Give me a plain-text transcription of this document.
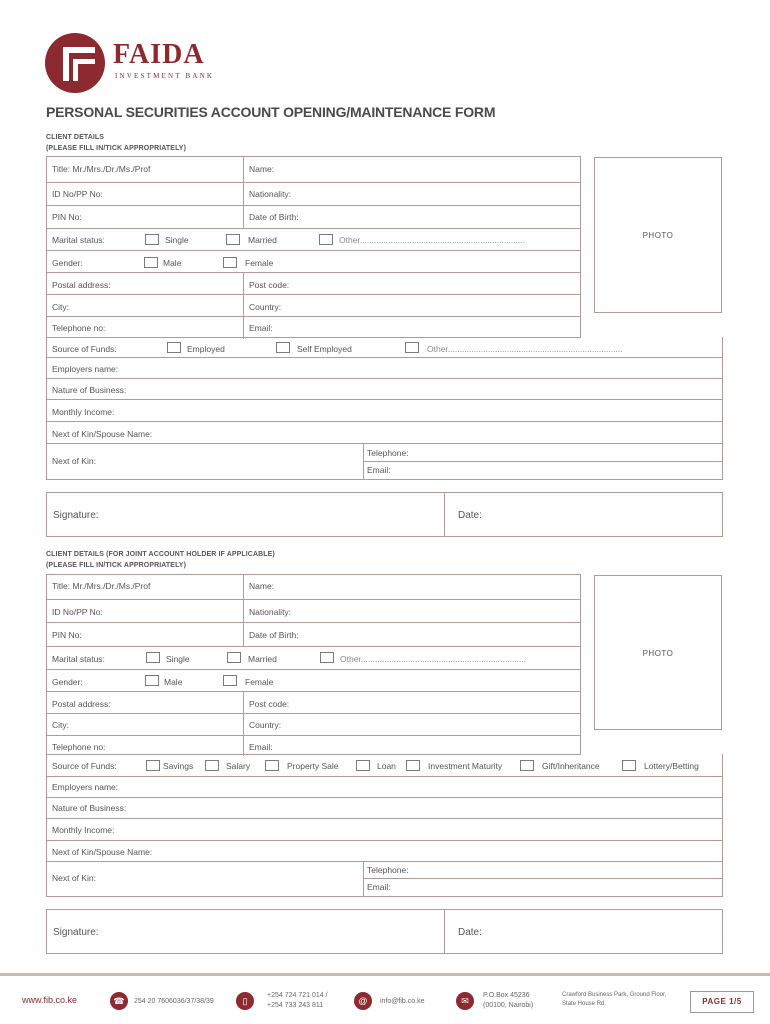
FAIDA
INVESTMENT BANK
PERSONAL SECURITIES ACCOUNT OPENING/MAINTENANCE FORM
CLIENT DETAILS
(PLEASE FILL IN/TICK APPROPRIATELY)
Title: Mr./Mrs./Dr./Ms./Prof	Name:
ID No/PP No:	Nationality:
PIN No:	Date of Birth:
Marital status:	Single	Married	Other......................................................................
Gender:	Male	Female
Postal address:	Post code:
City:	Country:
Telephone no:	Email:
PHOTO
Source of Funds:	Employed	Self Employed	Other..........................................................................
Employers name:
Nature of Business:
Monthly Income:
Next of Kin/Spouse Name:
Next of Kin:
Telephone:
Email:
Signature:	Date:
CLIENT DETAILS (FOR JOINT ACCOUNT HOLDER IF APPLICABLE)
(PLEASE FILL IN/TICK APPROPRIATELY)
Title: Mr./Mrs./Dr./Ms./Prof	Name:
ID No/PP No:	Nationality:
PIN No:	Date of Birth:
Marital status:	Single	Married	Other......................................................................
Gender:	Male	Female
Postal address:	Post code:
City:	Country:
Telephone no:	Email:
PHOTO
Source of Funds:	Savings	Salary	Property Sale	Loan	Investment Maturity	Gift/Inheritance	Lottery/Betting
Employers name:
Nature of Business:
Monthly Income:
Next of Kin/Spouse Name:
Next of Kin:
Telephone:
Email:
Signature:	Date:
www.fib.co.ke	☎	254 20 7606036/37/38/39	▯
+254 724 721 014 /
+254 733 243 811	@	info@fib.co.ke	✉
P.O.Box 45236
(00100, Nairobi)
Crawford Business Park, Ground Floor,
State House Rd.	PAGE 1/5
